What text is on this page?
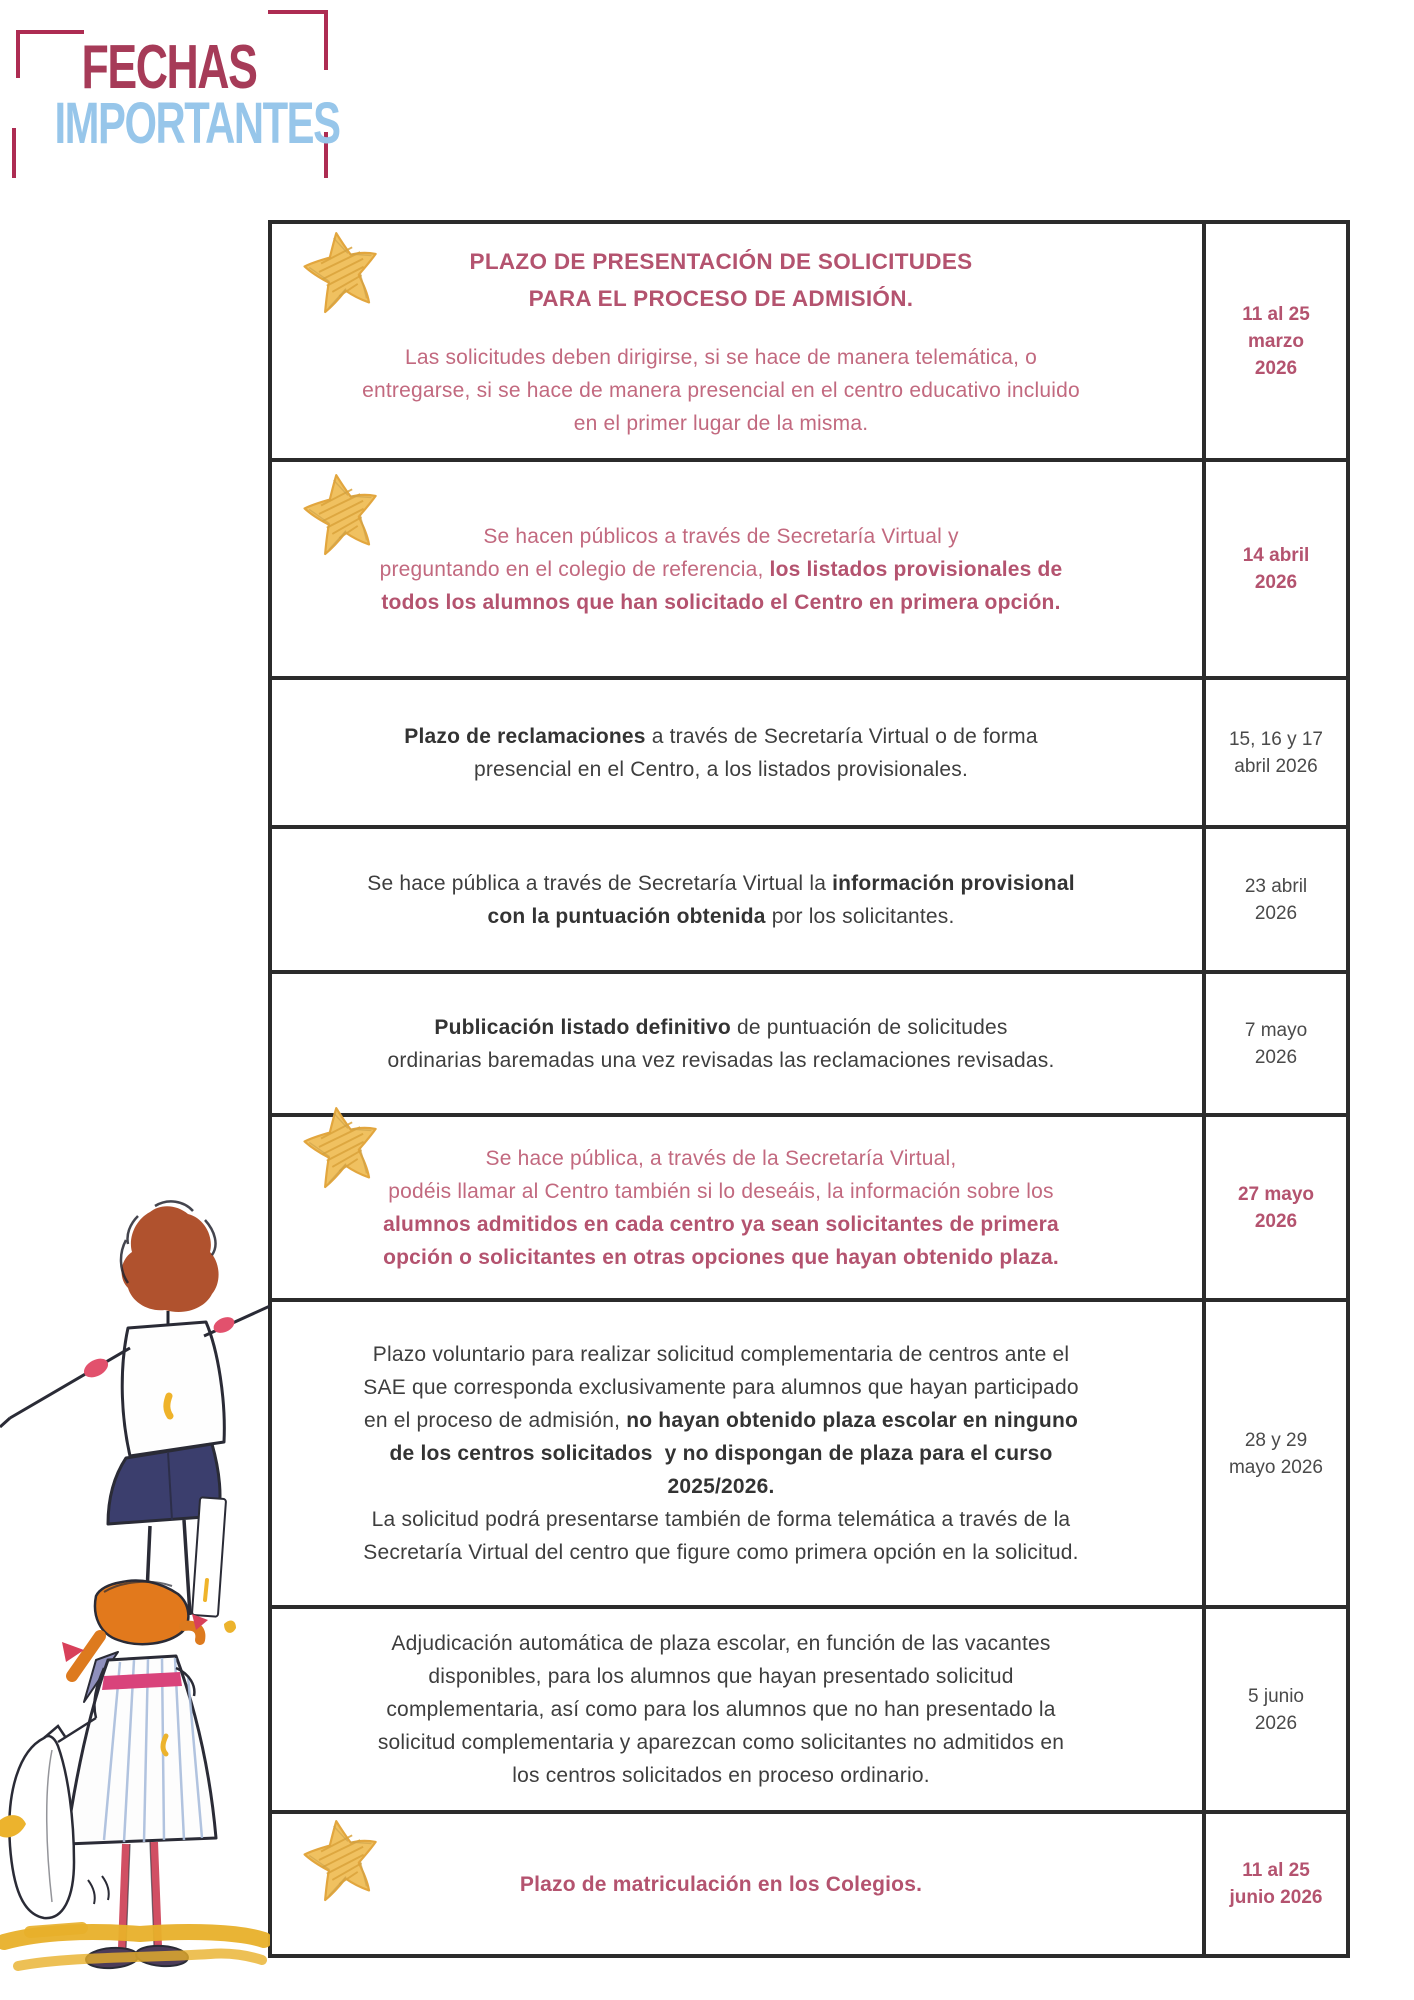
FECHAS
IMPORTANTES
PLAZO DE PRESENTACIÓN DE SOLICITUDES
PARA EL PROCESO DE ADMISIÓN.
Las solicitudes deben dirigirse, si se hace de manera telemática, o
entregarse, si se hace de manera presencial en el centro educativo incluido
en el primer lugar de la misma.
11 al 25
marzo
2026
Se hacen públicos a través de Secretaría Virtual y
preguntando en el colegio de referencia, los listados provisionales de
todos los alumnos que han solicitado el Centro en primera opción.
14 abril
2026
Plazo de reclamaciones a través de Secretaría Virtual o de forma
presencial en el Centro, a los listados provisionales.
15, 16 y 17
abril 2026
Se hace pública a través de Secretaría Virtual la información provisional
con la puntuación obtenida por los solicitantes.
23 abril
2026
Publicación listado definitivo de puntuación de solicitudes
ordinarias baremadas una vez revisadas las reclamaciones revisadas.
7 mayo
2026
Se hace pública, a través de la Secretaría Virtual,
podéis llamar al Centro también si lo deseáis, la información sobre los
alumnos admitidos en cada centro ya sean solicitantes de primera
opción o solicitantes en otras opciones que hayan obtenido plaza.
27 mayo
2026
Plazo voluntario para realizar solicitud complementaria de centros ante el
SAE que corresponda exclusivamente para alumnos que hayan participado
en el proceso de admisión, no hayan obtenido plaza escolar en ninguno
de los centros solicitados  y no dispongan de plaza para el curso
2025/2026.
La solicitud podrá presentarse también de forma telemática a través de la
Secretaría Virtual del centro que figure como primera opción en la solicitud.
28 y 29
mayo 2026
Adjudicación automática de plaza escolar, en función de las vacantes
disponibles, para los alumnos que hayan presentado solicitud
complementaria, así como para los alumnos que no han presentado la
solicitud complementaria y aparezcan como solicitantes no admitidos en
los centros solicitados en proceso ordinario.
5 junio
2026
Plazo de matriculación en los Colegios.
11 al 25
junio 2026
